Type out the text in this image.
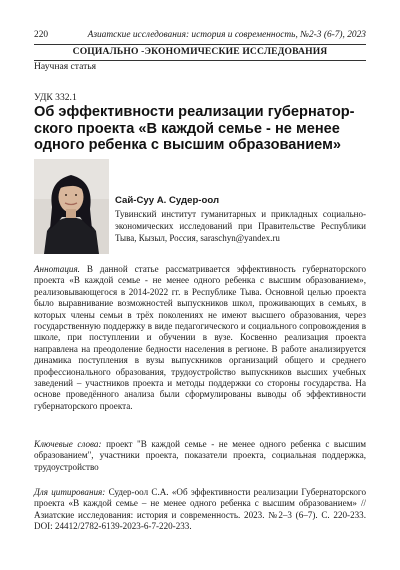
220	Азиатские исследования: история и современность, №2-3 (6-7), 2023
СОЦИАЛЬНО -ЭКОНОМИЧЕСКИЕ ИССЛЕДОВАНИЯ
Научная статья
УДК 332.1
Об эффективности реализации губернатор-ского проекта «В каждой семье - не менее одного ребенка с высшим образованием»
Сай-Суу А. Судер-оол
Тувинский институт гуманитарных и прикладных социально-экономических исследований при Правительстве Республики Тыва, Кызыл, Россия, saraschyn@yandex.ru
Аннотация. В данной статье рассматривается эффективность губернаторского проекта «В каждой семье - не менее одного ребенка с высшим образованием», реализовывающегося в 2014-2022 гг. в Республике Тыва. Основной целью проекта было выравнивание возможностей выпускников школ, проживающих в семьях, в которых члены семьи в трёх поколениях не имеют высшего образования, через государственную поддержку в виде педагогического и социального сопровождения в школе, при поступлении и обучении в вузе. Косвенно реализация проекта направлена на преодоление бедности населения в регионе. В работе анализируется динамика поступления в вузы выпускников организаций общего и среднего профессионального образования, трудоустройство выпускников высших учебных заведений – участников проекта и методы поддержки со стороны государства. На основе проведённого анализа были сформулированы выводы об эффективности губернаторского проекта.
Ключевые слова: проект "В каждой семье - не менее одного ребенка с высшим образованием", участники проекта, показатели проекта, социальная поддержка, трудоустройство
Для цитирования: Судер-оол С.А. «Об эффективности реализации Губернаторского проекта «В каждой семье – не менее одного ребенка с высшим образованием» // Азиатские исследования: история и современность. 2023. №2–3 (6–7). С. 220-233. DOI: 24412/2782-6139-2023-6-7-220-233.
